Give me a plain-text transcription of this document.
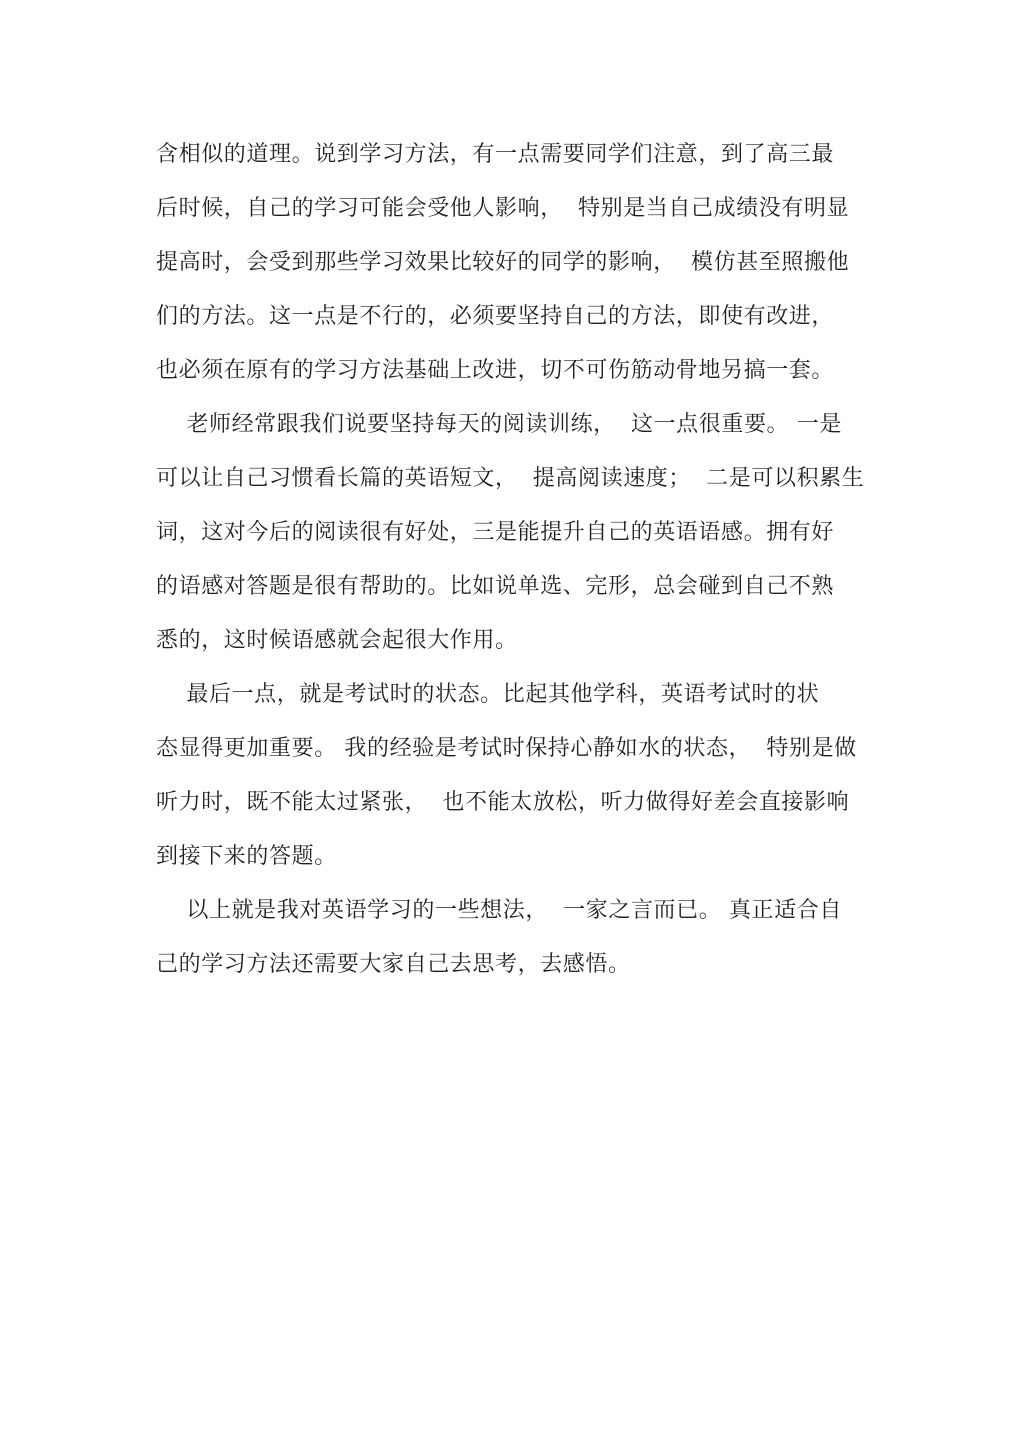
含相似的道理。说到学习方法，有一点需要同学们注意，到了高三最
后时候，自己的学习可能会受他人影响，  特别是当自己成绩没有明显
提高时，会受到那些学习效果比较好的同学的影响，  模仿甚至照搬他
们的方法。这一点是不行的，必须要坚持自己的方法，即使有改进，
也必须在原有的学习方法基础上改进，切不可伤筋动骨地另搞一套。
老师经常跟我们说要坚持每天的阅读训练，  这一点很重要。 一是
可以让自己习惯看长篇的英语短文，  提高阅读速度；  二是可以积累生
词，这对今后的阅读很有好处，三是能提升自己的英语语感。拥有好
的语感对答题是很有帮助的。比如说单选、完形，总会碰到自己不熟
悉的，这时候语感就会起很大作用。
最后一点，就是考试时的状态。比起其他学科，英语考试时的状
态显得更加重要。 我的经验是考试时保持心静如水的状态，  特别是做
听力时，既不能太过紧张，  也不能太放松，听力做得好差会直接影响
到接下来的答题。
以上就是我对英语学习的一些想法，  一家之言而已。 真正适合自
己的学习方法还需要大家自己去思考，去感悟。
